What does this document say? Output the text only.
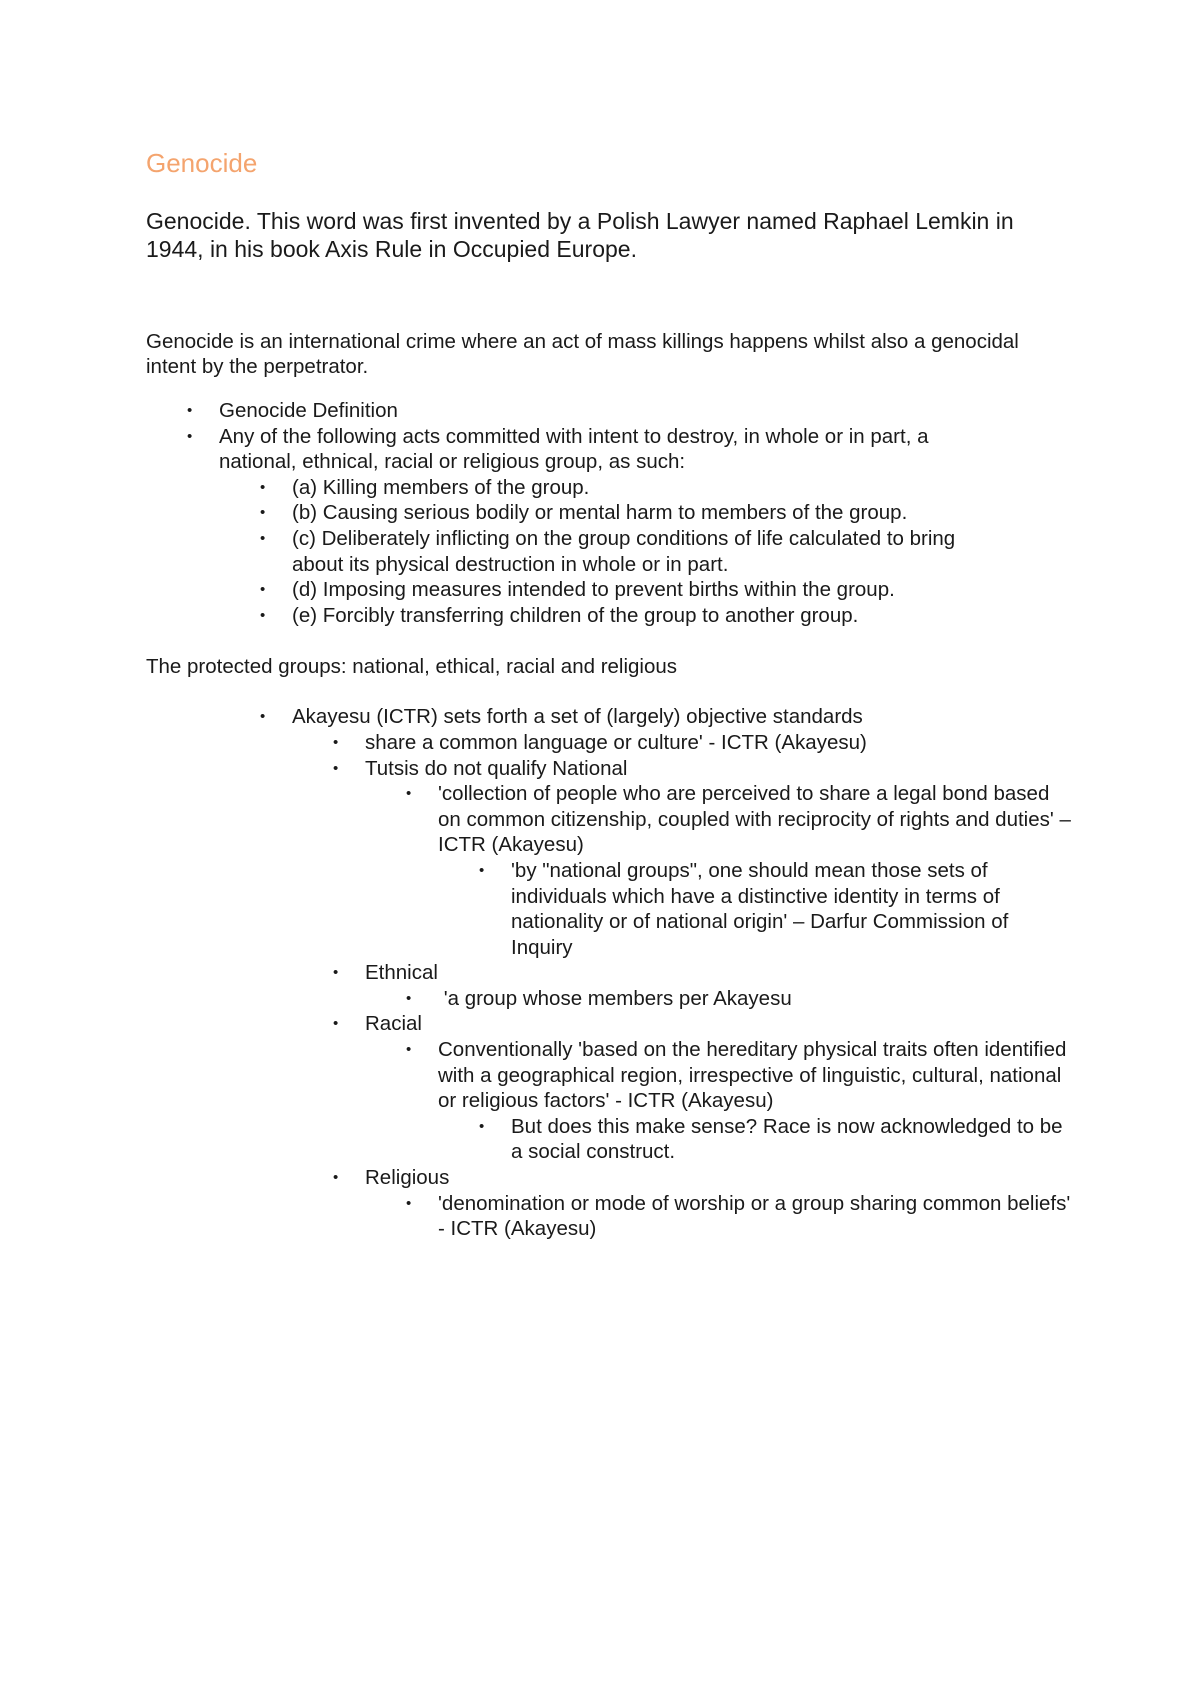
Genocide

Genocide. This word was first invented by a Polish Lawyer named Raphael Lemkin in 1944, in his book Axis Rule in Occupied Europe.

Genocide is an international crime where an act of mass killings happens whilst also a genocidal intent by the perpetrator.

• Genocide Definition
• Any of the following acts committed with intent to destroy, in whole or in part, a national, ethnical, racial or religious group, as such:
• (a) Killing members of the group.
• (b) Causing serious bodily or mental harm to members of the group.
• (c) Deliberately inflicting on the group conditions of life calculated to bring about its physical destruction in whole or in part.
• (d) Imposing measures intended to prevent births within the group.
• (e) Forcibly transferring children of the group to another group.

The protected groups: national, ethical, racial and religious

• Akayesu (ICTR) sets forth a set of (largely) objective standards
• share a common language or culture' - ICTR (Akayesu)
• Tutsis do not qualify National
• 'collection of people who are perceived to share a legal bond based on common citizenship, coupled with reciprocity of rights and duties' – ICTR (Akayesu)
• 'by "national groups", one should mean those sets of individuals which have a distinctive identity in terms of nationality or of national origin' – Darfur Commission of Inquiry
• Ethnical
• 'a group whose members per Akayesu
• Racial
• Conventionally 'based on the hereditary physical traits often identified with a geographical region, irrespective of linguistic, cultural, national or religious factors' - ICTR (Akayesu)
• But does this make sense? Race is now acknowledged to be a social construct.
• Religious
• 'denomination or mode of worship or a group sharing common beliefs' - ICTR (Akayesu)
